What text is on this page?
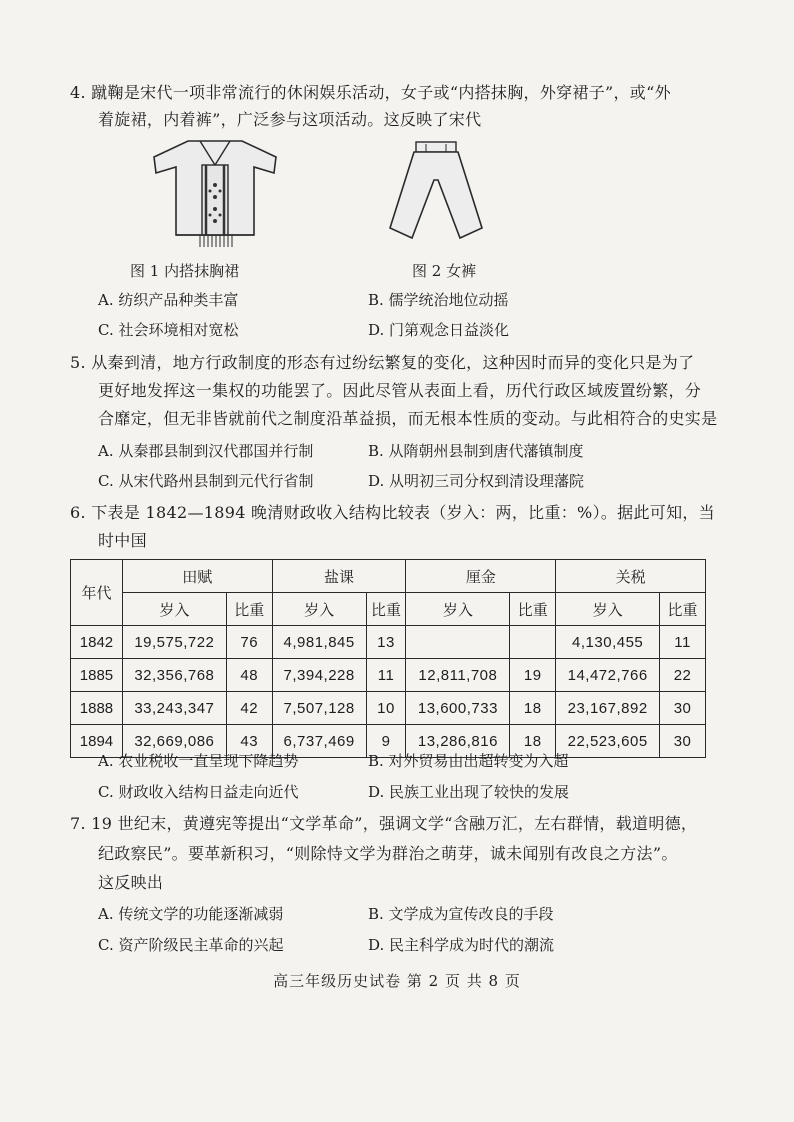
4. 蹴鞠是宋代一项非常流行的休闲娱乐活动，女子或“内搭抹胸，外穿裙子”，或“外
着旋裙，内着裤”，广泛参与这项活动。这反映了宋代
图 1 内搭抹胸裙	图 2 女裤
A. 纺织产品种类丰富	B. 儒学统治地位动摇
C. 社会环境相对宽松	D. 门第观念日益淡化
5. 从秦到清，地方行政制度的形态有过纷纭繁复的变化，这种因时而异的变化只是为了
更好地发挥这一集权的功能罢了。因此尽管从表面上看，历代行政区域废置纷繁，分
合靡定，但无非皆就前代之制度沿革益损，而无根本性质的变动。与此相符合的史实是
A. 从秦郡县制到汉代郡国并行制	B. 从隋朝州县制到唐代藩镇制度
C. 从宋代路州县制到元代行省制	D. 从明初三司分权到清设理藩院
6. 下表是 1842—1894 晚清财政收入结构比较表（岁入：两，比重：%）。据此可知，当
时中国
年代	田赋		盐课		厘金		关税	
	岁入	比重	岁入	比重	岁入	比重	岁入	比重
1842	19,575,722	76	4,981,845	13			4,130,455	11
1885	32,356,768	48	7,394,228	11	12,811,708	19	14,472,766	22
1888	33,243,347	42	7,507,128	10	13,600,733	18	23,167,892	30
1894	32,669,086	43	6,737,469	9	13,286,816	18	22,523,605	30
A. 农业税收一直呈现下降趋势	B. 对外贸易由出超转变为入超
C. 财政收入结构日益走向近代	D. 民族工业出现了较快的发展
7. 19 世纪末，黄遵宪等提出“文学革命”，强调文学“含融万汇，左右群情，载道明德，
纪政察民”。要革新积习，“则除恃文学为群治之萌芽，诚未闻别有改良之方法”。
这反映出
A. 传统文学的功能逐渐减弱	B. 文学成为宣传改良的手段
C. 资产阶级民主革命的兴起	D. 民主科学成为时代的潮流
高三年级历史试卷 第 2 页 共 8 页
